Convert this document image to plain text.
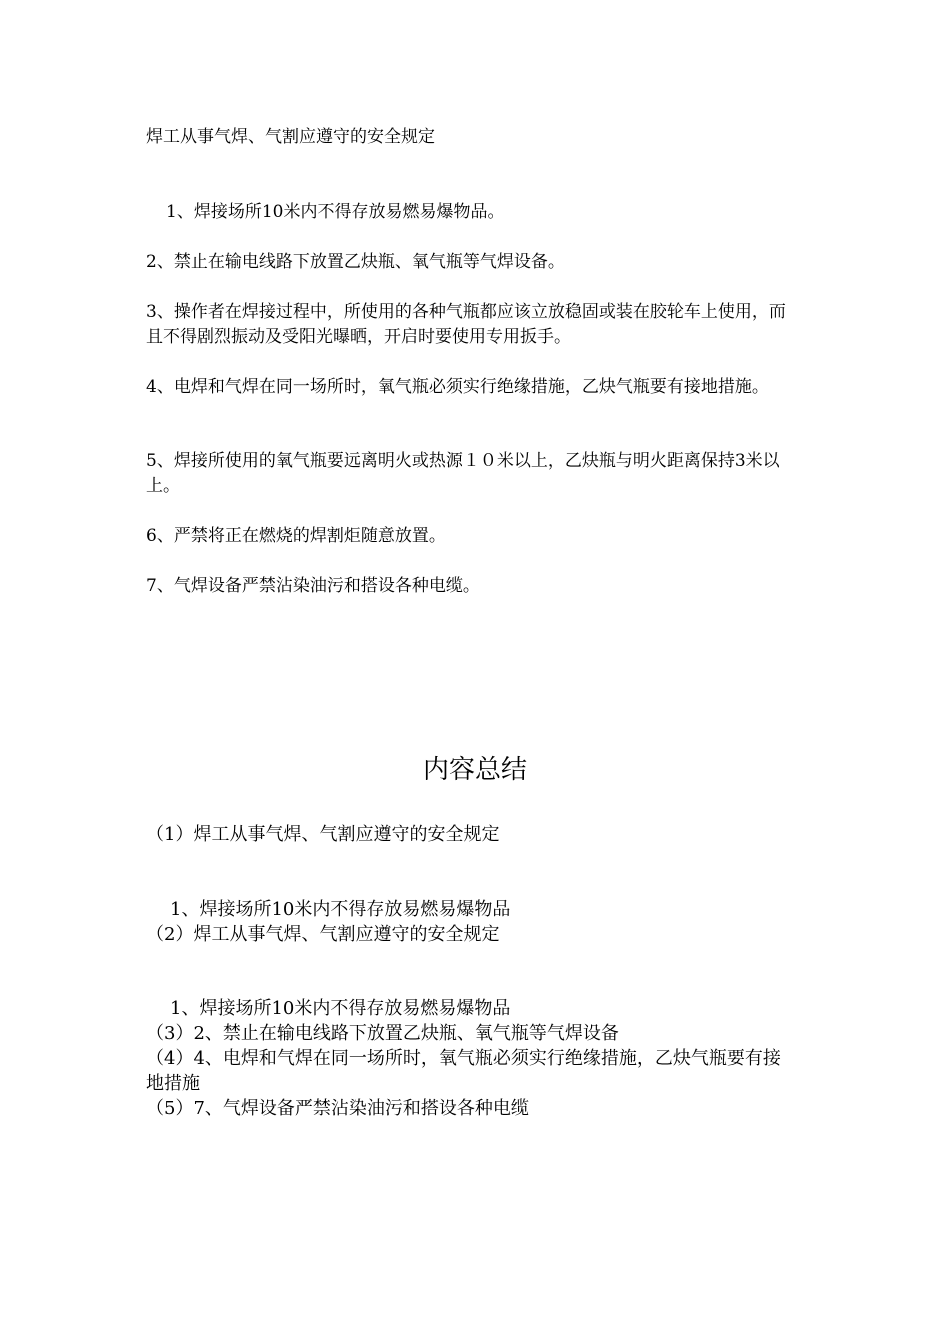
焊工从事气焊、气割应遵守的安全规定
1、焊接场所10米内不得存放易燃易爆物品。
2、禁止在输电线路下放置乙炔瓶、氧气瓶等气焊设备。
3、操作者在焊接过程中，所使用的各种气瓶都应该立放稳固或装在胶轮车上使用，而且不得剧烈振动及受阳光曝晒，开启时要使用专用扳手。
4、电焊和气焊在同一场所时，氧气瓶必须实行绝缘措施，乙炔气瓶要有接地措施。
5、焊接所使用的氧气瓶要远离明火或热源１０米以上，乙炔瓶与明火距离保持3米以上。
6、严禁将正在燃烧的焊割炬随意放置。
7、气焊设备严禁沾染油污和搭设各种电缆。
内容总结
（1）焊工从事气焊、气割应遵守的安全规定
1、焊接场所10米内不得存放易燃易爆物品
（2）焊工从事气焊、气割应遵守的安全规定
1、焊接场所10米内不得存放易燃易爆物品
（3）2、禁止在输电线路下放置乙炔瓶、氧气瓶等气焊设备
（4）4、电焊和气焊在同一场所时，氧气瓶必须实行绝缘措施，乙炔气瓶要有接地措施
（5）7、气焊设备严禁沾染油污和搭设各种电缆
